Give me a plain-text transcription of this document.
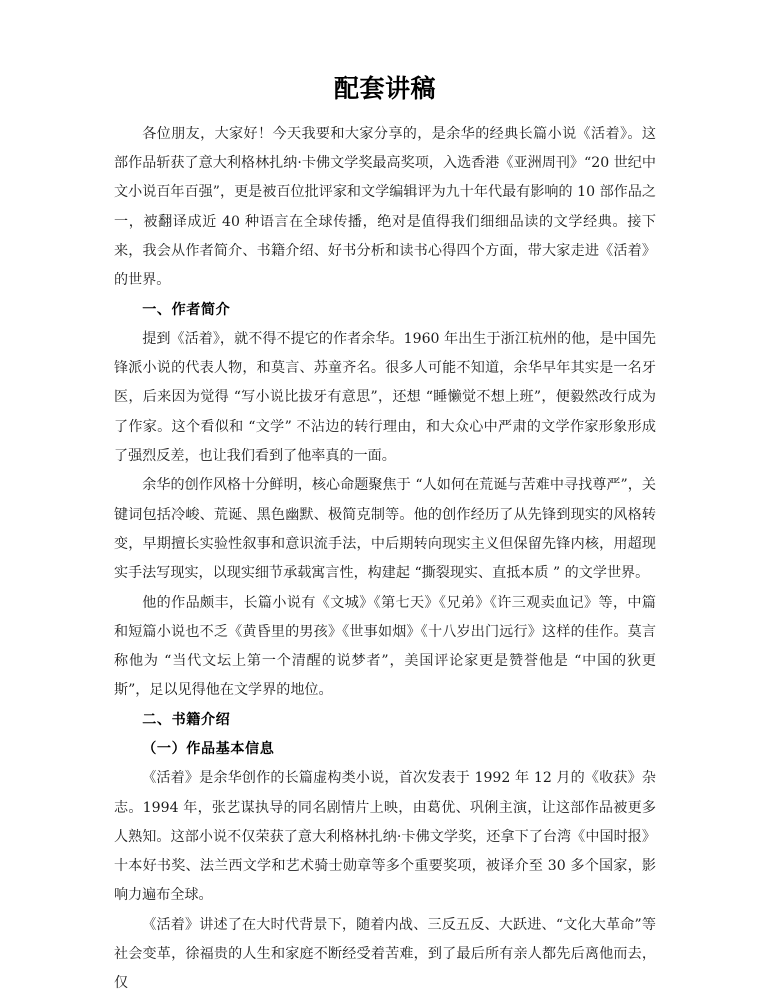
配套讲稿

各位朋友，大家好！今天我要和大家分享的，是余华的经典长篇小说《活着》。这部作品斩获了意大利格林扎纳·卡佛文学奖最高奖项，入选香港《亚洲周刊》“20 世纪中文小说百年百强”，更是被百位批评家和文学编辑评为九十年代最有影响的 10 部作品之一，被翻译成近 40 种语言在全球传播，绝对是值得我们细细品读的文学经典。接下来，我会从作者简介、书籍介绍、好书分析和读书心得四个方面，带大家走进《活着》的世界。

一、作者简介

提到《活着》，就不得不提它的作者余华。1960 年出生于浙江杭州的他，是中国先锋派小说的代表人物，和莫言、苏童齐名。很多人可能不知道，余华早年其实是一名牙医，后来因为觉得 “写小说比拔牙有意思”，还想 “睡懒觉不想上班”，便毅然改行成为了作家。这个看似和 “文学” 不沾边的转行理由，和大众心中严肃的文学作家形象形成了强烈反差，也让我们看到了他率真的一面。

余华的创作风格十分鲜明，核心命题聚焦于 “人如何在荒诞与苦难中寻找尊严”，关键词包括冷峻、荒诞、黑色幽默、极简克制等。他的创作经历了从先锋到现实的风格转变，早期擅长实验性叙事和意识流手法，中后期转向现实主义但保留先锋内核，用超现实手法写现实，以现实细节承载寓言性，构建起 “撕裂现实、直抵本质 ” 的文学世界。

他的作品颇丰，长篇小说有《文城》《第七天》《兄弟》《许三观卖血记》等，中篇和短篇小说也不乏《黄昏里的男孩》《世事如烟》《十八岁出门远行》这样的佳作。莫言称他为 “当代文坛上第一个清醒的说梦者”，美国评论家更是赞誉他是 “中国的狄更斯”，足以见得他在文学界的地位。

二、书籍介绍

（一）作品基本信息

《活着》是余华创作的长篇虚构类小说，首次发表于 1992 年 12 月的《收获》杂志。1994 年，张艺谋执导的同名剧情片上映，由葛优、巩俐主演，让这部作品被更多人熟知。这部小说不仅荣获了意大利格林扎纳·卡佛文学奖，还拿下了台湾《中国时报》十本好书奖、法兰西文学和艺术骑士勋章等多个重要奖项，被译介至 30 多个国家，影响力遍布全球。

《活着》讲述了在大时代背景下，随着内战、三反五反、大跃进、“文化大革命”等社会变革，徐福贵的人生和家庭不断经受着苦难，到了最后所有亲人都先后离他而去，仅
